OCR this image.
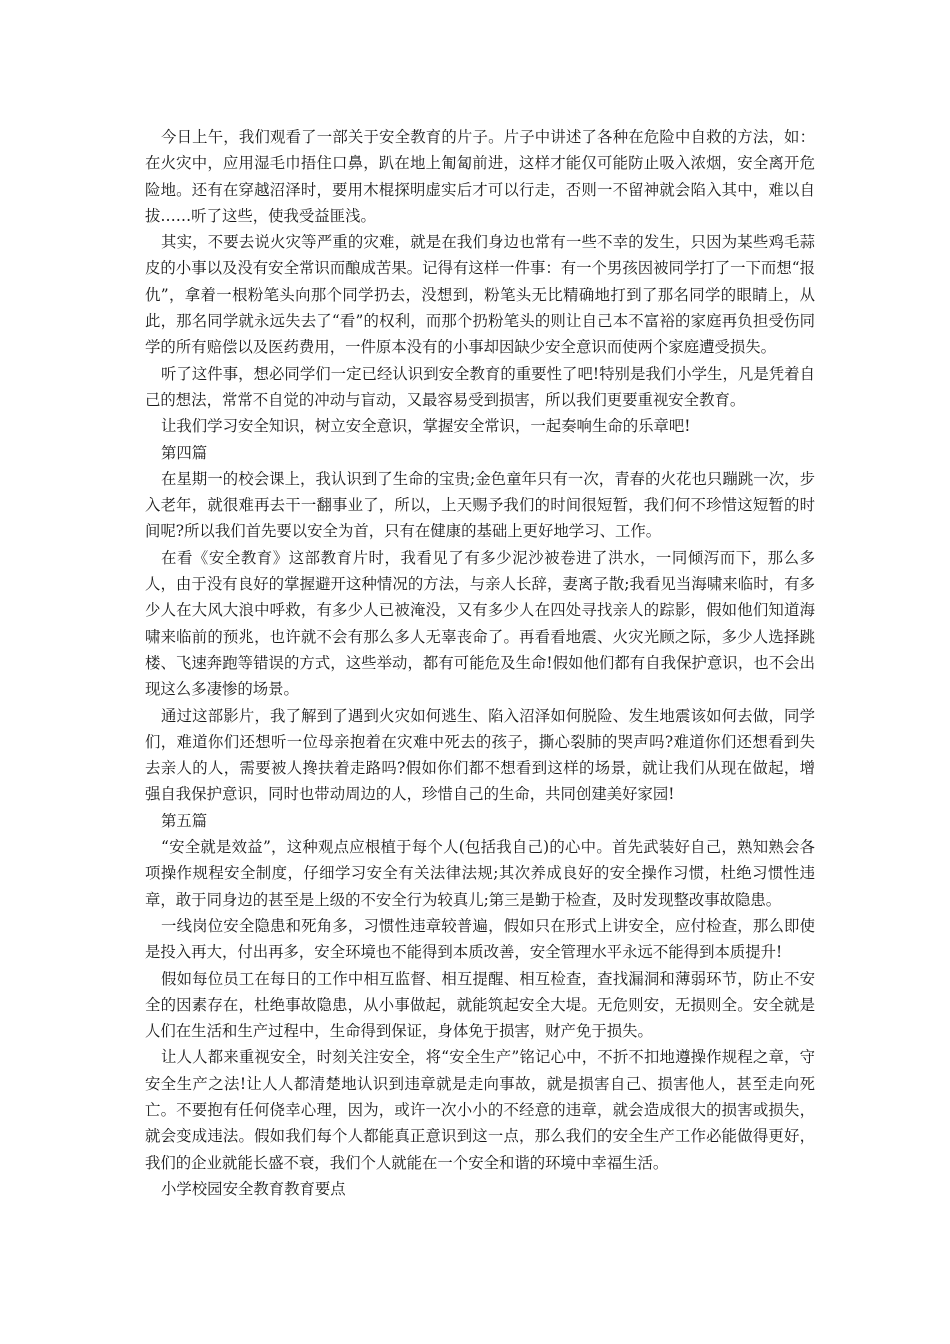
今日上午，我们观看了一部关于安全教育的片子。片子中讲述了各种在危险中自救的方法，如：在火灾中，应用湿毛巾捂住口鼻，趴在地上匍匐前进，这样才能仅可能防止吸入浓烟，安全离开危险地。还有在穿越沼泽时，要用木棍探明虚实后才可以行走，否则一不留神就会陷入其中，难以自拔……听了这些，使我受益匪浅。

其实，不要去说火灾等严重的灾难，就是在我们身边也常有一些不幸的发生，只因为某些鸡毛蒜皮的小事以及没有安全常识而酿成苦果。记得有这样一件事：有一个男孩因被同学打了一下而想“报仇”，拿着一根粉笔头向那个同学扔去，没想到，粉笔头无比精确地打到了那名同学的眼睛上，从此，那名同学就永远失去了“看”的权利，而那个扔粉笔头的则让自己本不富裕的家庭再负担受伤同学的所有赔偿以及医药费用，一件原本没有的小事却因缺少安全意识而使两个家庭遭受损失。

听了这件事，想必同学们一定已经认识到安全教育的重要性了吧!特别是我们小学生，凡是凭着自己的想法，常常不自觉的冲动与盲动，又最容易受到损害，所以我们更要重视安全教育。

让我们学习安全知识，树立安全意识，掌握安全常识，一起奏响生命的乐章吧!

第四篇

在星期一的校会课上，我认识到了生命的宝贵;金色童年只有一次，青春的火花也只蹦跳一次，步入老年，就很难再去干一翻事业了，所以，上天赐予我们的时间很短暂，我们何不珍惜这短暂的时间呢?所以我们首先要以安全为首，只有在健康的基础上更好地学习、工作。

在看《安全教育》这部教育片时，我看见了有多少泥沙被卷进了洪水，一同倾泻而下，那么多人，由于没有良好的掌握避开这种情况的方法，与亲人长辞，妻离子散;我看见当海啸来临时，有多少人在大风大浪中呼救，有多少人已被淹没，又有多少人在四处寻找亲人的踪影，假如他们知道海啸来临前的预兆，也许就不会有那么多人无辜丧命了。再看看地震、火灾光顾之际，多少人选择跳楼、飞速奔跑等错误的方式，这些举动，都有可能危及生命!假如他们都有自我保护意识，也不会出现这么多凄惨的场景。

通过这部影片，我了解到了遇到火灾如何逃生、陷入沼泽如何脱险、发生地震该如何去做，同学们，难道你们还想听一位母亲抱着在灾难中死去的孩子，撕心裂肺的哭声吗?难道你们还想看到失去亲人的人，需要被人搀扶着走路吗?假如你们都不想看到这样的场景，就让我们从现在做起，增强自我保护意识，同时也带动周边的人，珍惜自己的生命，共同创建美好家园!

第五篇

“安全就是效益”，这种观点应根植于每个人(包括我自己)的心中。首先武装好自己，熟知熟会各项操作规程安全制度，仔细学习安全有关法律法规;其次养成良好的安全操作习惯，杜绝习惯性违章，敢于同身边的甚至是上级的不安全行为较真儿;第三是勤于检查，及时发现整改事故隐患。

一线岗位安全隐患和死角多，习惯性违章较普遍，假如只在形式上讲安全，应付检查，那么即使是投入再大，付出再多，安全环境也不能得到本质改善，安全管理水平永远不能得到本质提升!

假如每位员工在每日的工作中相互监督、相互提醒、相互检查，查找漏洞和薄弱环节，防止不安全的因素存在，杜绝事故隐患，从小事做起，就能筑起安全大堤。无危则安，无损则全。安全就是人们在生活和生产过程中，生命得到保证，身体免于损害，财产免于损失。

让人人都来重视安全，时刻关注安全，将“安全生产”铭记心中，不折不扣地遵操作规程之章，守安全生产之法!让人人都清楚地认识到违章就是走向事故，就是损害自己、损害他人，甚至走向死亡。不要抱有任何侥幸心理，因为，或许一次小小的不经意的违章，就会造成很大的损害或损失，就会变成违法。假如我们每个人都能真正意识到这一点，那么我们的安全生产工作必能做得更好，我们的企业就能长盛不衰，我们个人就能在一个安全和谐的环境中幸福生活。

小学校园安全教育教育要点
